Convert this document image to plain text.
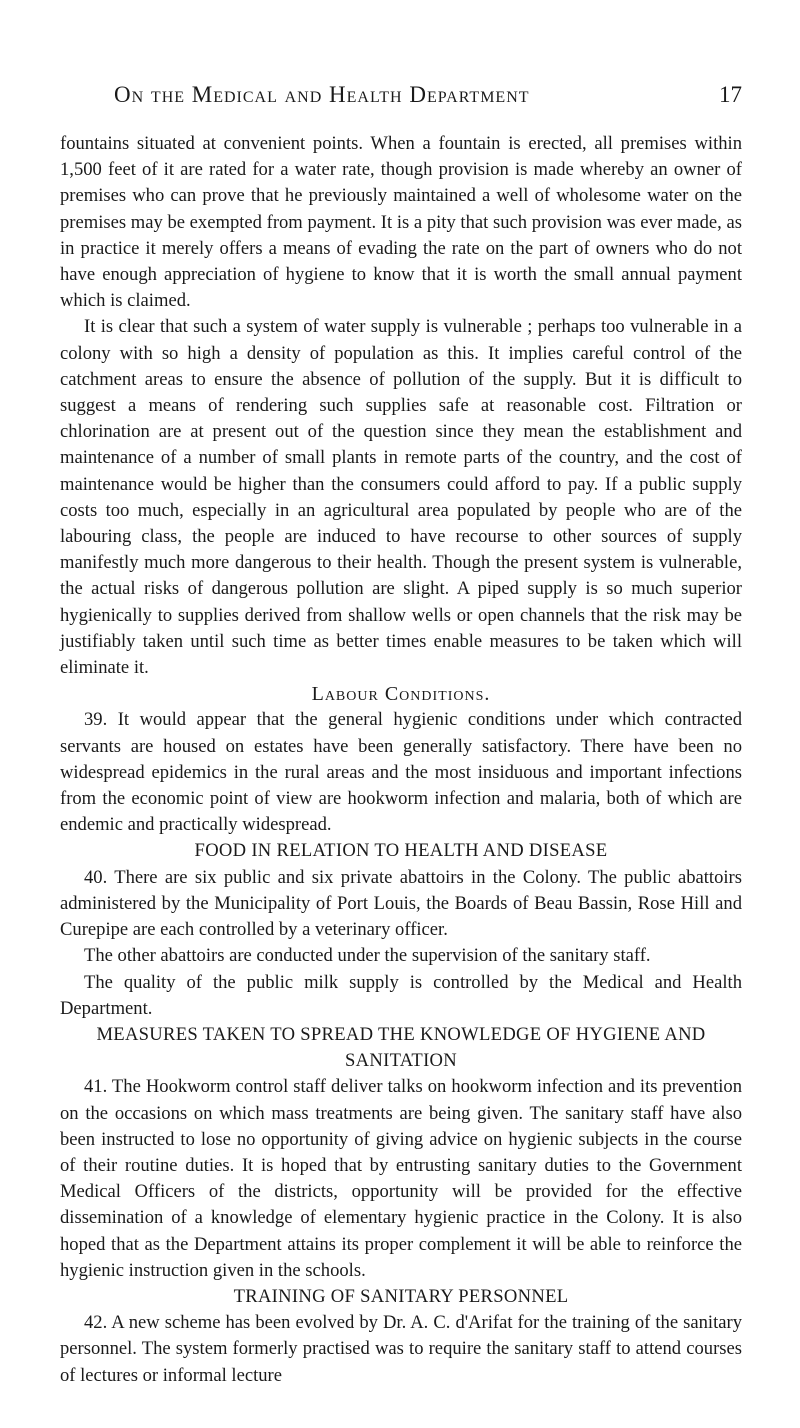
On the Medical and Health Department	17

fountains situated at convenient points. When a fountain is erected, all premises within 1,500 feet of it are rated for a water rate, though provision is made whereby an owner of premises who can prove that he previously maintained a well of wholesome water on the premises may be exempted from payment. It is a pity that such provision was ever made, as in practice it merely offers a means of evading the rate on the part of owners who do not have enough appreciation of hygiene to know that it is worth the small annual payment which is claimed.

It is clear that such a system of water supply is vulnerable ; perhaps too vulnerable in a colony with so high a density of population as this. It implies careful control of the catchment areas to ensure the absence of pollution of the supply. But it is difficult to suggest a means of rendering such supplies safe at reasonable cost. Filtration or chlorination are at present out of the question since they mean the establishment and maintenance of a number of small plants in remote parts of the country, and the cost of maintenance would be higher than the consumers could afford to pay. If a public supply costs too much, especially in an agricultural area populated by people who are of the labouring class, the people are induced to have recourse to other sources of supply manifestly much more dangerous to their health. Though the present system is vulnerable, the actual risks of dangerous pollution are slight. A piped supply is so much superior hygienically to supplies derived from shallow wells or open channels that the risk may be justifiably taken until such time as better times enable measures to be taken which will eliminate it.

Labour Conditions.

39. It would appear that the general hygienic conditions under which contracted servants are housed on estates have been generally satisfactory. There have been no widespread epidemics in the rural areas and the most insiduous and important infections from the economic point of view are hookworm infection and malaria, both of which are endemic and practically widespread.

FOOD IN RELATION TO HEALTH AND DISEASE

40. There are six public and six private abattoirs in the Colony. The public abattoirs administered by the Municipality of Port Louis, the Boards of Beau Bassin, Rose Hill and Curepipe are each controlled by a veterinary officer.

The other abattoirs are conducted under the supervision of the sanitary staff.

The quality of the public milk supply is controlled by the Medical and Health Department.

MEASURES TAKEN TO SPREAD THE KNOWLEDGE OF HYGIENE AND SANITATION

41. The Hookworm control staff deliver talks on hookworm infection and its prevention on the occasions on which mass treatments are being given. The sanitary staff have also been instructed to lose no opportunity of giving advice on hygienic subjects in the course of their routine duties. It is hoped that by entrusting sanitary duties to the Government Medical Officers of the districts, opportunity will be provided for the effective dissemination of a knowledge of elementary hygienic practice in the Colony. It is also hoped that as the Department attains its proper complement it will be able to reinforce the hygienic instruction given in the schools.

TRAINING OF SANITARY PERSONNEL

42. A new scheme has been evolved by Dr. A. C. d'Arifat for the training of the sanitary personnel. The system formerly practised was to require the sanitary staff to attend courses of lectures or informal lecture
